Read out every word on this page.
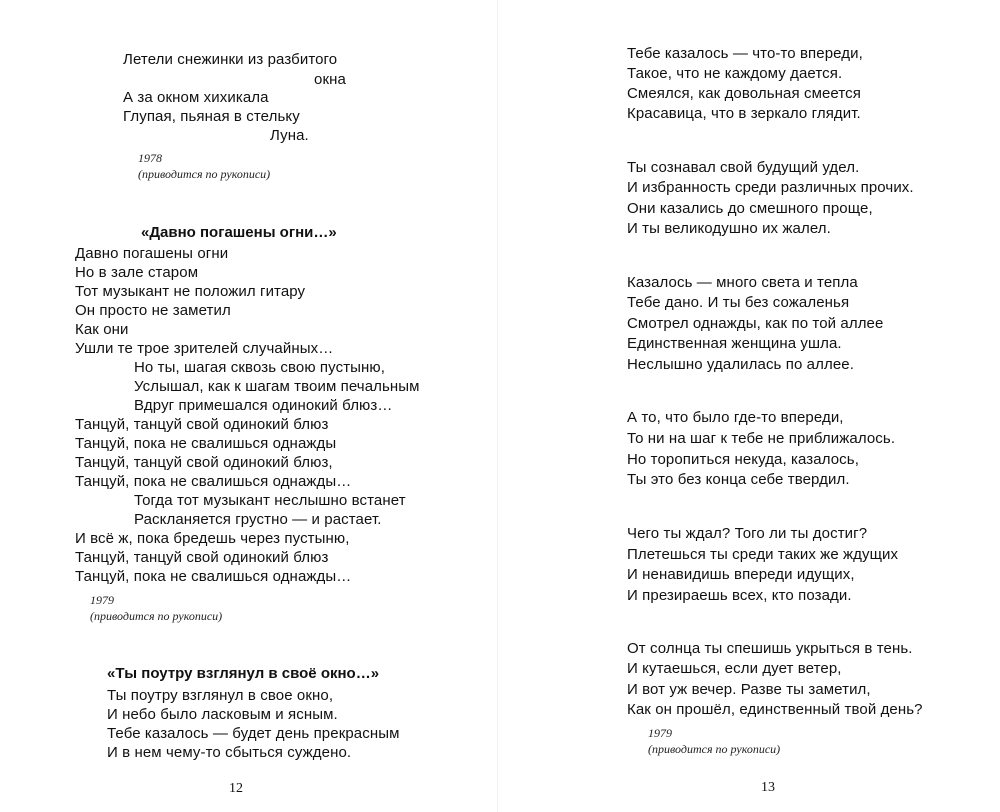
Летели снежинки из разбитого
окна
А за окном хихикала
Глупая, пьяная в стельку
Луна.
1978
(приводится по рукописи)
«Давно погашены огни…»
Давно погашены огни
Но в зале старом
Тот музыкант не положил гитару
Он просто не заметил
Как они
Ушли те трое зрителей случайных…
Но ты, шагая сквозь свою пустыню,
Услышал, как к шагам твоим печальным
Вдруг примешался одинокий блюз…
Танцуй, танцуй свой одинокий блюз
Танцуй, пока не свалишься однажды
Танцуй, танцуй свой одинокий блюз,
Танцуй, пока не свалишься однажды…
Тогда тот музыкант неслышно встанет
Раскланяется грустно — и растает.
И всё ж, пока бредешь через пустыню,
Танцуй, танцуй свой одинокий блюз
Танцуй, пока не свалишься однажды…
1979
(приводится по рукописи)
«Ты поутру взглянул в своё окно…»
Ты поутру взглянул в свое окно,
И небо было ласковым и ясным.
Тебе казалось — будет день прекрасным
И в нем чему-то сбыться суждено.
12
Тебе казалось — что-то впереди,
Такое, что не каждому дается.
Смеялся, как довольная смеется
Красавица, что в зеркало глядит.
Ты сознавал свой будущий удел.
И избранность среди различных прочих.
Они казались до смешного проще,
И ты великодушно их жалел.
Казалось — много света и тепла
Тебе дано. И ты без сожаленья
Смотрел однажды, как по той аллее
Единственная женщина ушла.
Неслышно удалилась по аллее.
А то, что было где-то впереди,
То ни на шаг к тебе не приближалось.
Но торопиться некуда, казалось,
Ты это без конца себе твердил.
Чего ты ждал? Того ли ты достиг?
Плетешься ты среди таких же ждущих
И ненавидишь впереди идущих,
И презираешь всех, кто позади.
От солнца ты спешишь укрыться в тень.
И кутаешься, если дует ветер,
И вот уж вечер. Разве ты заметил,
Как он прошёл, единственный твой день?
1979
(приводится по рукописи)
13
